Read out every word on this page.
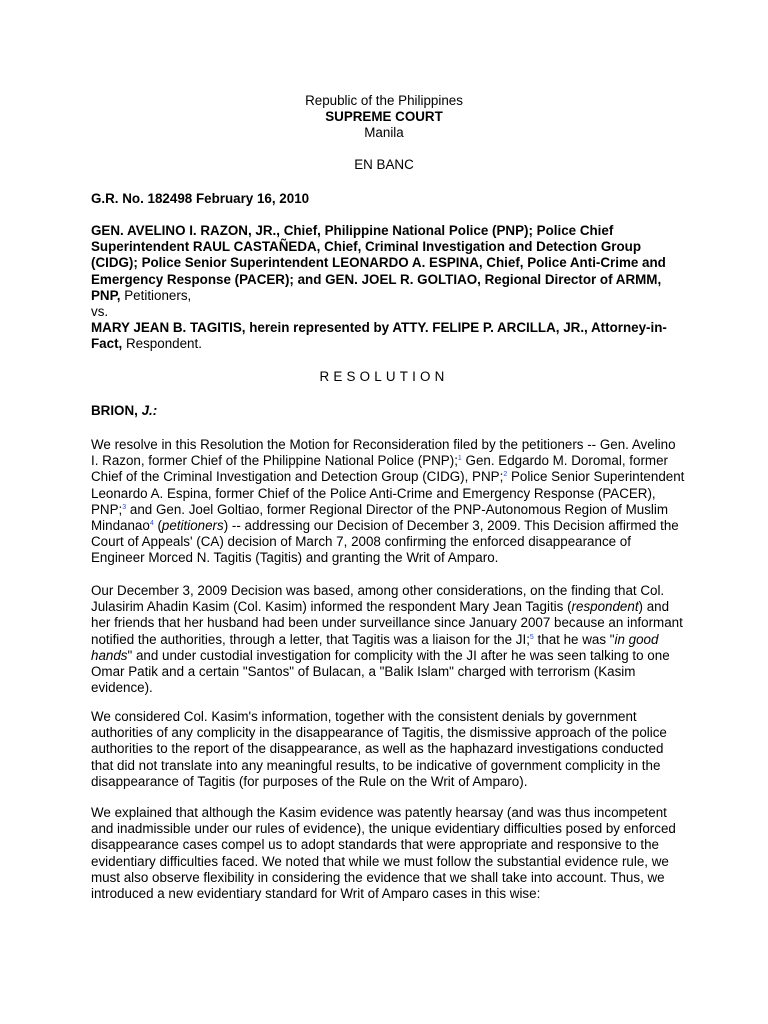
Republic of the Philippines
SUPREME COURT
Manila
EN BANC
G.R. No. 182498 February 16, 2010

GEN. AVELINO I. RAZON, JR., Chief, Philippine National Police (PNP); Police Chief Superintendent RAUL CASTAÑEDA, Chief, Criminal Investigation and Detection Group (CIDG); Police Senior Superintendent LEONARDO A. ESPINA, Chief, Police Anti-Crime and Emergency Response (PACER); and GEN. JOEL R. GOLTIAO, Regional Director of ARMM, PNP, Petitioners,

vs.

MARY JEAN B. TAGITIS, herein represented by ATTY. FELIPE P. ARCILLA, JR., Attorney-in-Fact, Respondent.

RESOLUTION
BRION, J.:

We resolve in this Resolution the Motion for Reconsideration filed by the petitioners -- Gen. Avelino I. Razon, former Chief of the Philippine National Police (PNP);$^1$ Gen. Edgardo M. Doromal, former Chief of the Criminal Investigation and Detection Group (CIDG), PNP;$^2$ Police Senior Superintendent Leonardo A. Espina, former Chief of the Police Anti-Crime and Emergency Response (PACER), PNP;$^3$ and Gen. Joel Goltiao, former Regional Director of the PNP-Autonomous Region of Muslim Mindanao$^4$ (petitioners) -- addressing our Decision of December 3, 2009. This Decision affirmed the Court of Appeals' (CA) decision of March 7, 2008 confirming the enforced disappearance of Engineer Morced N. Tagitis (Tagitis) and granting the Writ of Amparo.

Our December 3, 2009 Decision was based, among other considerations, on the finding that Col. Julasirim Ahadin Kasim (Col. Kasim) informed the respondent Mary Jean Tagitis (respondent) and her friends that her husband had been under surveillance since January 2007 because an informant notified the authorities, through a letter, that Tagitis was a liaison for the JI;$^5$ that he was "in good hands" and under custodial investigation for complicity with the JI after he was seen talking to one Omar Patik and a certain "Santos" of Bulacan, a "Balik Islam" charged with terrorism (Kasim evidence).

We considered Col. Kasim's information, together with the consistent denials by government authorities of any complicity in the disappearance of Tagitis, the dismissive approach of the police authorities to the report of the disappearance, as well as the haphazard investigations conducted that did not translate into any meaningful results, to be indicative of government complicity in the disappearance of Tagitis (for purposes of the Rule on the Writ of Amparo).

We explained that although the Kasim evidence was patently hearsay (and was thus incompetent and inadmissible under our rules of evidence), the unique evidentiary difficulties posed by enforced disappearance cases compel us to adopt standards that were appropriate and responsive to the evidentiary difficulties faced. We noted that while we must follow the substantial evidence rule, we must also observe flexibility in considering the evidence that we shall take into account. Thus, we introduced a new evidentiary standard for Writ of Amparo cases in this wise:
